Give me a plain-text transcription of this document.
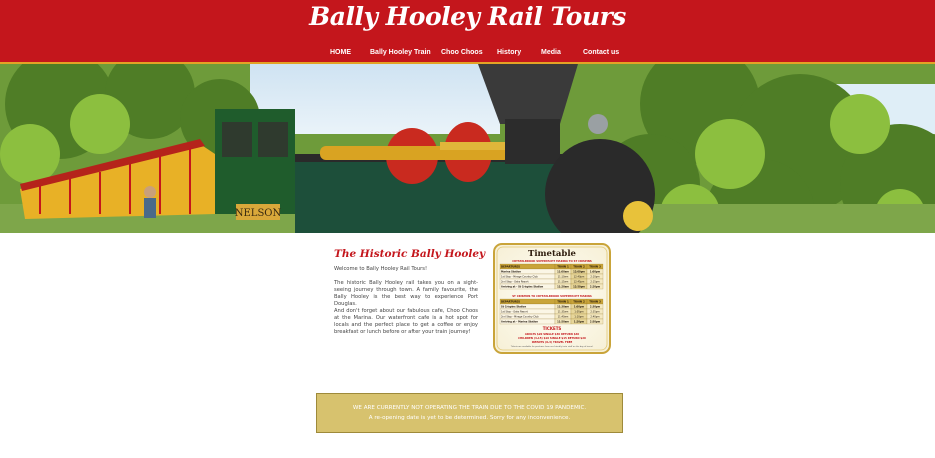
Bally Hooley Rail Tours
HOME	Bally Hooley Train Choo Choos History	Media	Contact us
NELSON
The Historic Bally Hooley
Welcome to Bally Hooley Rail Tours!
The historic Bally Hooley rail takes you on a sight-seeing journey through town. A family favourite, the Bally Hooley is the best way to experience Port Douglas.
And don't forget about our fabulous cafe, Choo Choos at the Marina. Our waterfront cafe is a hot spot for locals and the perfect place to get a coffee or enjoy breakfast or lunch before or after your train journey!
Timetable
CRYSTALBROOK SUPERYACHT MARINA TO ST CRISPINS
DEPARTURES	TRAIN 1 TRAIN 2 TRAIN 3
Marina Station	11:00am 12:00pm 1:00pm
1st Stop - Mirage Country Club	11:10am 12:40pm	2:10pm
2nd Stop - Oaks Resort	11:15am 12:45pm	2:15pm
Arriving at - St Crispins Station	11:20am 12:50pm 2:20pm
ST CRISPINS TO CRYSTALBROOK SUPERYACHT MARINA
DEPARTURES	TRAIN 1 TRAIN 2 TRAIN 3
St Crispins Station	11:30am 1:00pm 2:30pm
1st Stop - Oaks Resort	11:35am	1:05pm	2:35pm
2nd Stop - Mirage Country Club	11:40am	1:10pm	2:40pm
Arriving at - Marina Station	11:50am 1:20pm 2:50pm
TICKETS
ADULTS $20 SINGLE $30 RETURN $40
CHILDREN (4-15) $10 SINGLE $15 RETURN $20
INFANTS (0-3) TRAVEL FREE
Tickets are available for purchase from our friendly train staff on the day of travel.
WE ARE CURRENTLY NOT OPERATING THE TRAIN DUE TO THE COVID 19 PANDEMIC.
A re-opening date is yet to be determined. Sorry for any inconvenience.
